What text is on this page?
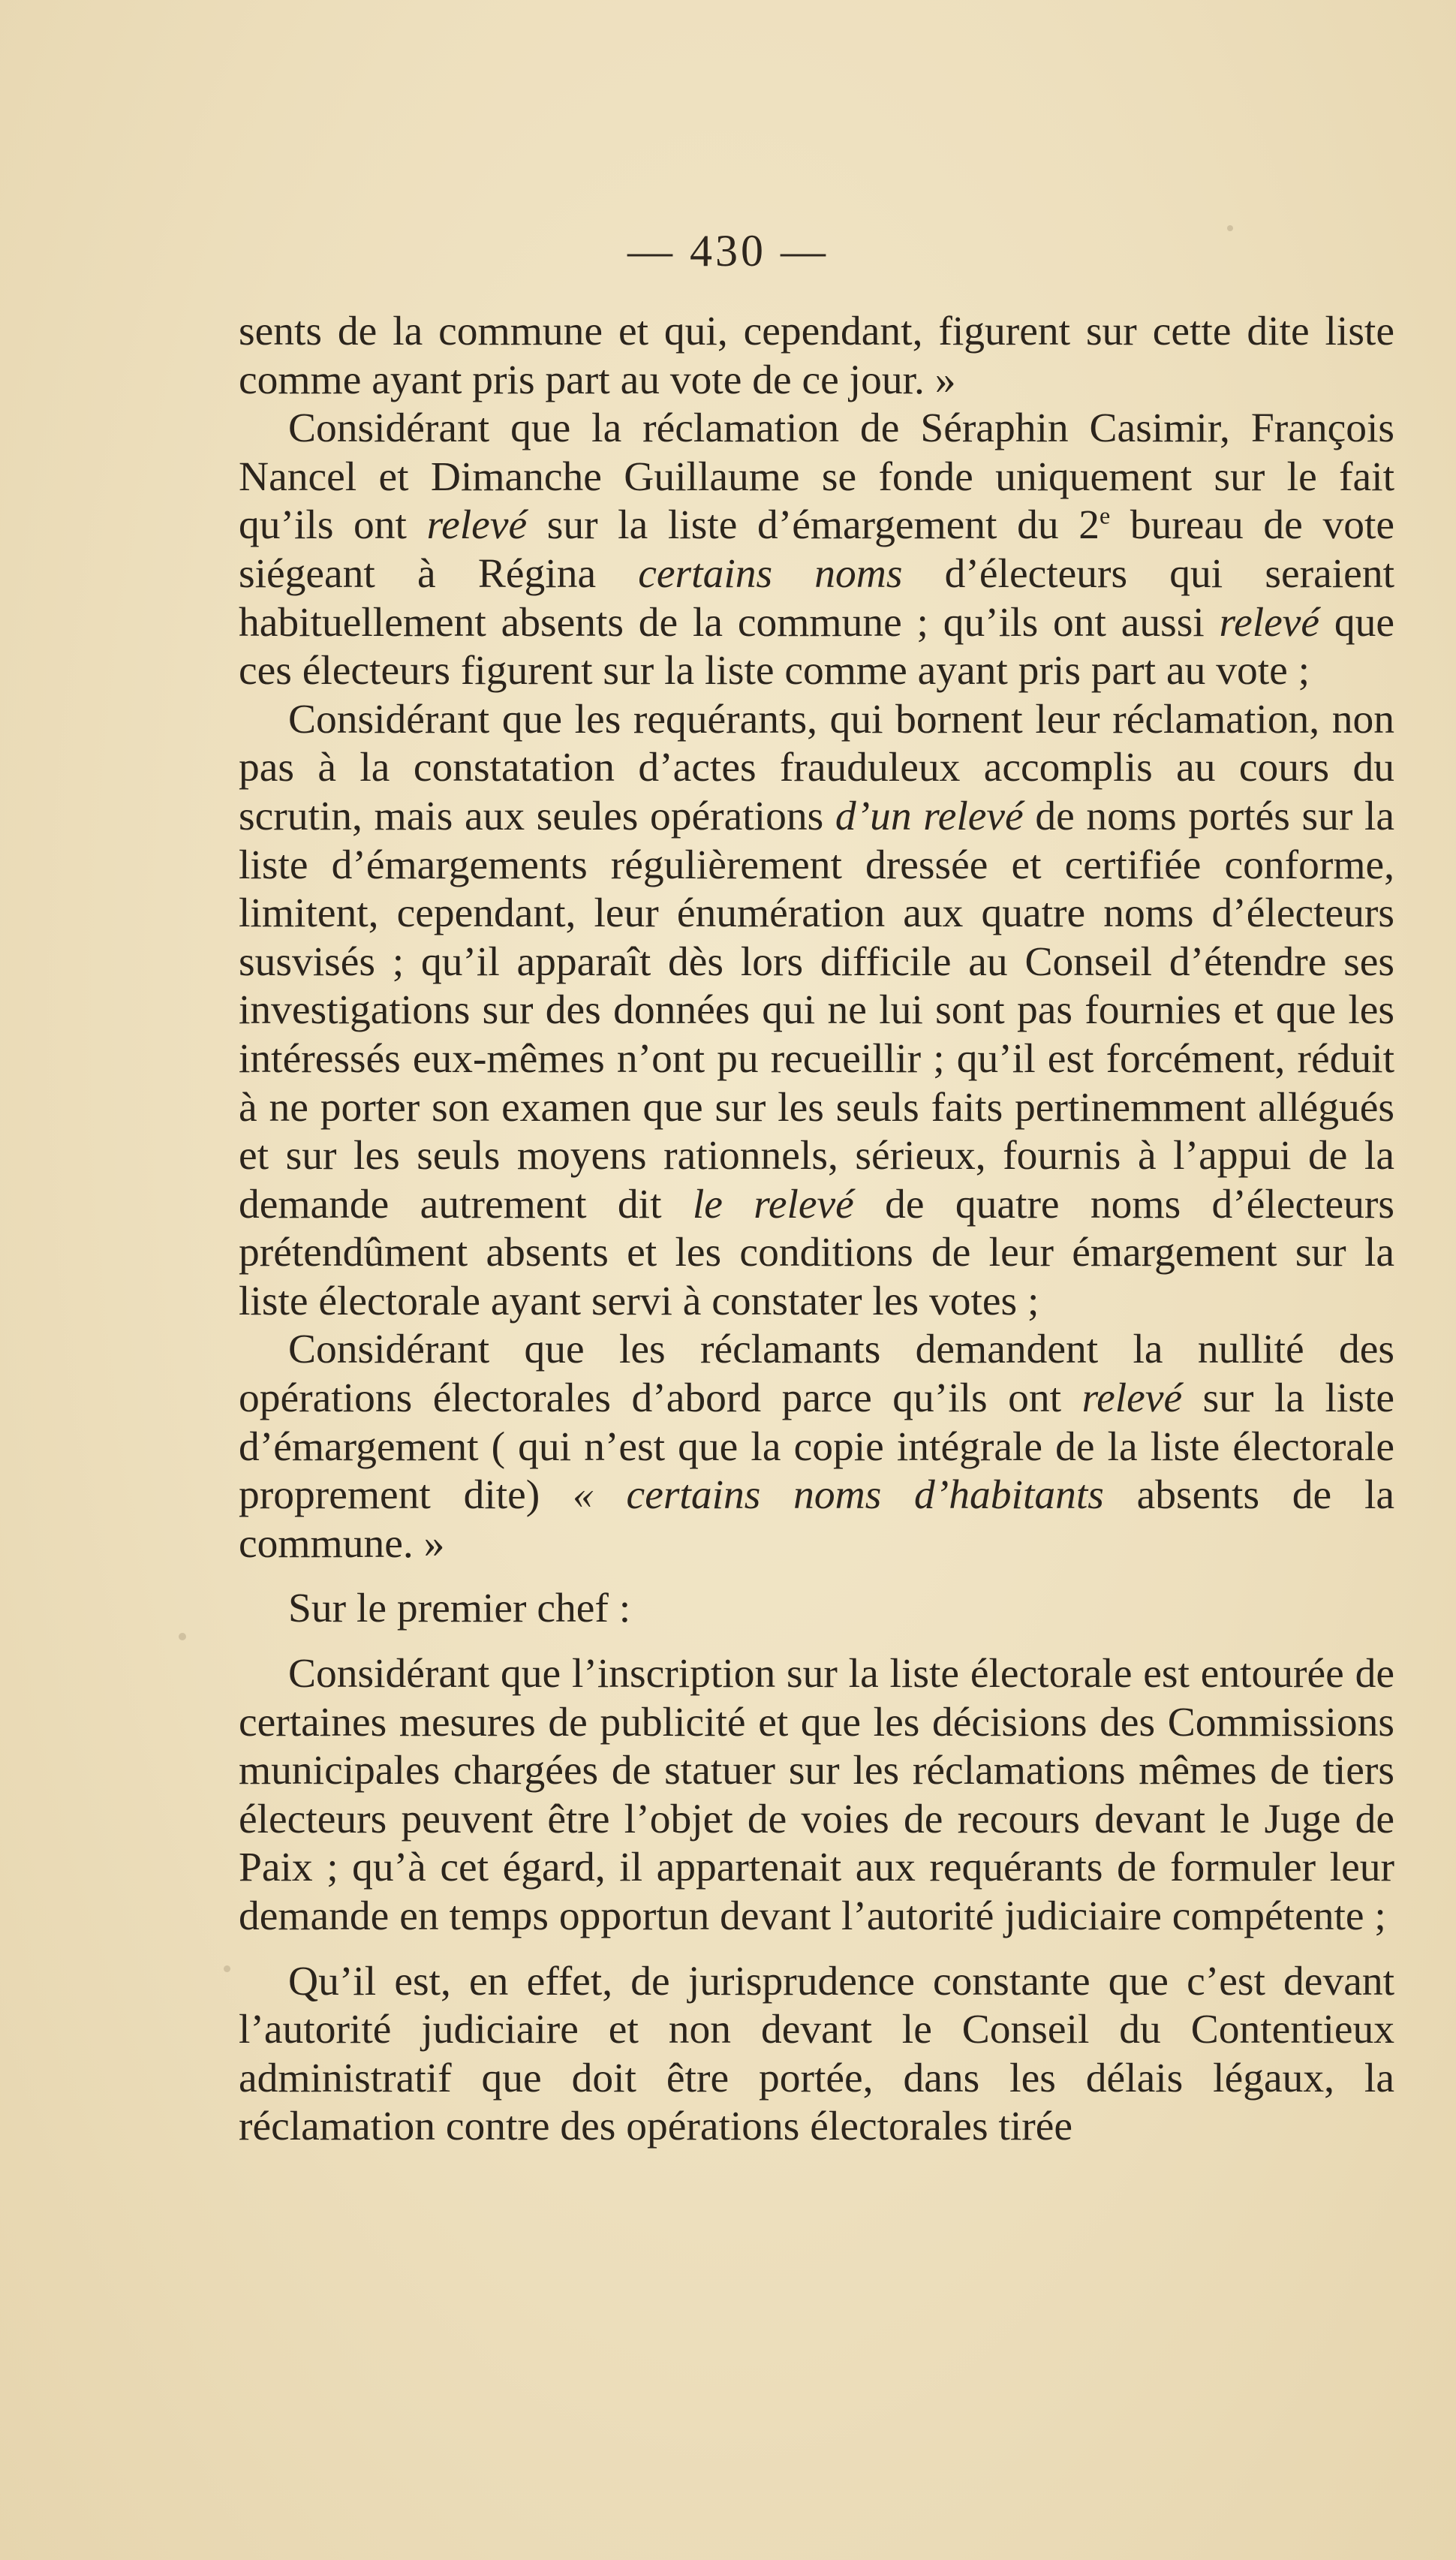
— 430 —

sents de la commune et qui, cependant, figurent sur cette dite liste comme ayant pris part au vote de ce jour. »

Considérant que la réclamation de Séraphin Casimir, François Nancel et Dimanche Guillaume se fonde uniquement sur le fait qu’ils ont relevé sur la liste d’émargement du 2e bureau de vote siégeant à Régina certains noms d’électeurs qui seraient habituellement absents de la commune ; qu’ils ont aussi relevé que ces électeurs figurent sur la liste comme ayant pris part au vote ;

Considérant que les requérants, qui bornent leur réclamation, non pas à la constatation d’actes frauduleux accomplis au cours du scrutin, mais aux seules opérations d’un relevé de noms portés sur la liste d’émargements régulièrement dressée et certifiée conforme, limitent, cependant, leur énumération aux quatre noms d’électeurs susvisés ; qu’il apparaît dès lors difficile au Conseil d’étendre ses investigations sur des données qui ne lui sont pas fournies et que les intéressés eux-mêmes n’ont pu recueillir ; qu’il est forcément, réduit à ne porter son examen que sur les seuls faits pertinemment allégués et sur les seuls moyens rationnels, sérieux, fournis à l’appui de la demande autrement dit le relevé de quatre noms d’électeurs prétendûment absents et les conditions de leur émargement sur la liste électorale ayant servi à constater les votes ;

Considérant que les réclamants demandent la nullité des opérations électorales d’abord parce qu’ils ont relevé sur la liste d’émargement ( qui n’est que la copie intégrale de la liste électorale proprement dite) « certains noms d’habitants absents de la commune. »

Sur le premier chef :

Considérant que l’inscription sur la liste électorale est entourée de certaines mesures de publicité et que les décisions des Commissions municipales chargées de statuer sur les réclamations mêmes de tiers électeurs peuvent être l’objet de voies de recours devant le Juge de Paix ; qu’à cet égard, il appartenait aux requérants de formuler leur demande en temps opportun devant l’autorité judiciaire compétente ;

Qu’il est, en effet, de jurisprudence constante que c’est devant l’autorité judiciaire et non devant le Conseil du Contentieux administratif que doit être portée, dans les délais légaux, la réclamation contre des opérations électorales tirée
